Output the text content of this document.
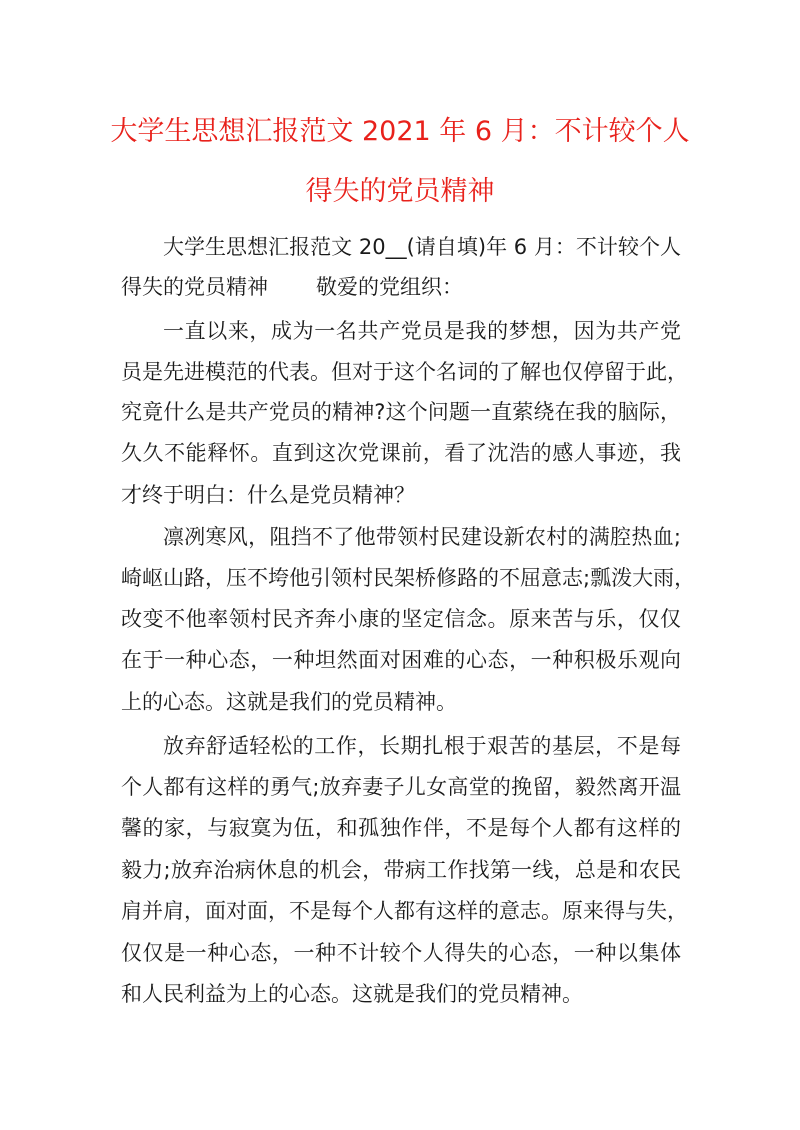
大学生思想汇报范文 2021 年 6 月：不计较个人
得失的党员精神
大学生思想汇报范文 20__(请自填)年 6 月：不计较个人
得失的党员精神 敬爱的党组织：
一直以来，成为一名共产党员是我的梦想，因为共产党
员是先进模范的代表。但对于这个名词的了解也仅停留于此，
究竟什么是共产党员的精神?这个问题一直萦绕在我的脑际，
久久不能释怀。直到这次党课前，看了沈浩的感人事迹，我
才终于明白：什么是党员精神？
凛冽寒风，阻挡不了他带领村民建设新农村的满腔热血;
崎岖山路，压不垮他引领村民架桥修路的不屈意志;瓢泼大雨，
改变不他率领村民齐奔小康的坚定信念。原来苦与乐，仅仅
在于一种心态，一种坦然面对困难的心态，一种积极乐观向
上的心态。这就是我们的党员精神。
放弃舒适轻松的工作，长期扎根于艰苦的基层，不是每
个人都有这样的勇气;放弃妻子儿女高堂的挽留，毅然离开温
馨的家，与寂寞为伍，和孤独作伴，不是每个人都有这样的
毅力;放弃治病休息的机会，带病工作找第一线，总是和农民
肩并肩，面对面，不是每个人都有这样的意志。原来得与失，
仅仅是一种心态，一种不计较个人得失的心态，一种以集体
和人民利益为上的心态。这就是我们的党员精神。
